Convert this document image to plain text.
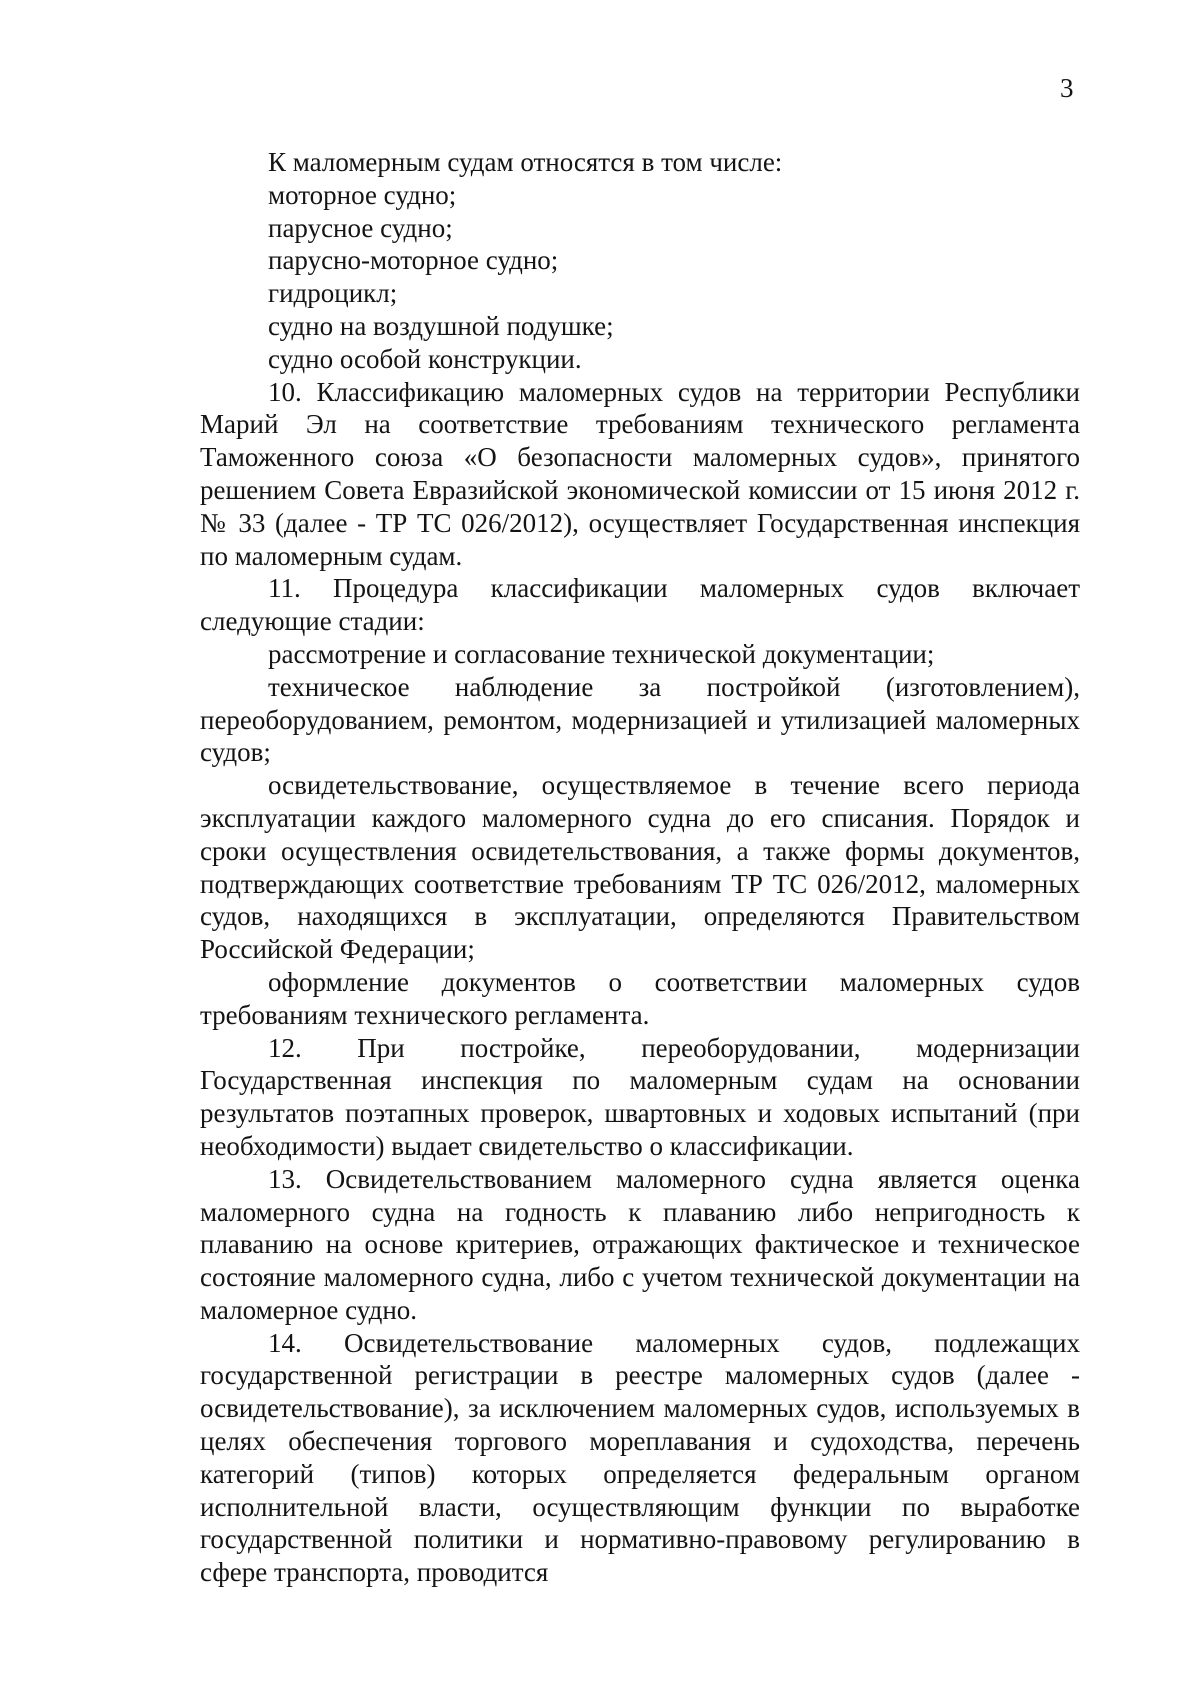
3

К маломерным судам относятся в том числе:

моторное судно;

парусное судно;

парусно-моторное судно;

гидроцикл;

судно на воздушной подушке;

судно особой конструкции.

10. Классификацию маломерных судов на территории Республики Марий Эл на соответствие требованиям технического регламента Таможенного союза «О безопасности маломерных судов», принятого решением Совета Евразийской экономической комиссии от 15 июня 2012 г. № 33 (далее - ТР ТС 026/2012), осуществляет Государственная инспекция по маломерным судам.

11. Процедура классификации маломерных судов включает следующие стадии:

рассмотрение и согласование технической документации;

техническое наблюдение за постройкой (изготовлением), переоборудованием, ремонтом, модернизацией и утилизацией маломерных судов;

освидетельствование, осуществляемое в течение всего периода эксплуатации каждого маломерного судна до его списания. Порядок и сроки осуществления освидетельствования, а также формы документов, подтверждающих соответствие требованиям ТР ТС 026/2012, маломерных судов, находящихся в эксплуатации, определяются Правительством Российской Федерации;

оформление документов о соответствии маломерных судов требованиям технического регламента.

12. При постройке, переоборудовании, модернизации Государственная инспекция по маломерным судам на основании результатов поэтапных проверок, швартовных и ходовых испытаний (при необходимости) выдает свидетельство о классификации.

13. Освидетельствованием маломерного судна является оценка маломерного судна на годность к плаванию либо непригодность к плаванию на основе критериев, отражающих фактическое и техническое состояние маломерного судна, либо с учетом технической документации на маломерное судно.

14. Освидетельствование маломерных судов, подлежащих государственной регистрации в реестре маломерных судов (далее - освидетельствование), за исключением маломерных судов, используемых в целях обеспечения торгового мореплавания и судоходства, перечень категорий (типов) которых определяется федеральным органом исполнительной власти, осуществляющим функции по выработке государственной политики и нормативно-правовому регулированию в сфере транспорта, проводится
